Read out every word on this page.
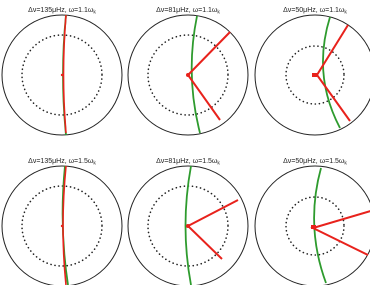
Δν=135μHz, $\omega=1.1\omega_k$	Δν=81μHz, $\omega=1.1\omega_k$	Δν=50μHz, $\omega=1.1\omega_k$
Δν=135μHz, $\omega=1.5\omega_k$	Δν=81μHz, $\omega=1.5\omega_k$	Δν=50μHz, $\omega=1.5\omega_k$
